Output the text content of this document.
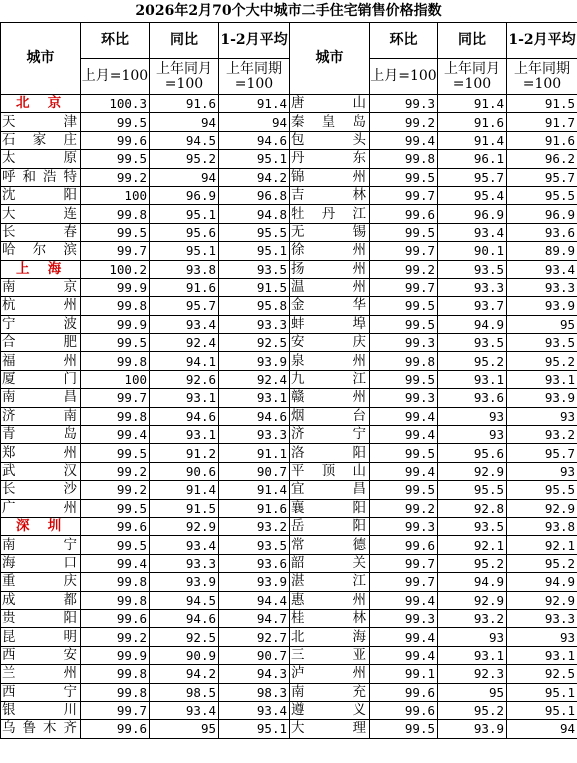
2026年2月70个大中城市二手住宅销售价格指数
城市	环比	同比	1-2月平均	城市	环比	同比	1-2月平均
	上月=100	上年同月=100	上年同期=100		上月=100	上年同月=100	上年同期=100
北 京	100.3	91.6	91.4	唐山	99.3	91.4	91.5
天津	99.5	94	94	秦皇岛	99.2	91.6	91.7
石家庄	99.6	94.5	94.6	包头	99.4	91.4	91.6
太原	99.5	95.2	95.1	丹东	99.8	96.1	96.2
呼和浩特	99.2	94	94.2	锦州	99.5	95.7	95.7
沈阳	100	96.9	96.8	吉林	99.7	95.4	95.5
大连	99.8	95.1	94.8	牡丹江	99.6	96.9	96.9
长春	99.5	95.6	95.5	无锡	99.5	93.4	93.6
哈尔滨	99.7	95.1	95.1	徐州	99.7	90.1	89.9
上 海	100.2	93.8	93.5	扬州	99.2	93.5	93.4
南京	99.9	91.6	91.5	温州	99.7	93.3	93.3
杭州	99.8	95.7	95.8	金华	99.5	93.7	93.9
宁波	99.9	93.4	93.3	蚌埠	99.5	94.9	95
合肥	99.5	92.4	92.5	安庆	99.3	93.5	93.5
福州	99.8	94.1	93.9	泉州	99.8	95.2	95.2
厦门	100	92.6	92.4	九江	99.5	93.1	93.1
南昌	99.7	93.1	93.1	赣州	99.3	93.6	93.9
济南	99.8	94.6	94.6	烟台	99.4	93	93
青岛	99.4	93.1	93.3	济宁	99.4	93	93.2
郑州	99.5	91.2	91.1	洛阳	99.5	95.6	95.7
武汉	99.2	90.6	90.7	平顶山	99.4	92.9	93
长沙	99.2	91.4	91.4	宜昌	99.5	95.5	95.5
广州	99.5	91.5	91.6	襄阳	99.2	92.8	92.9
深 圳	99.6	92.9	93.2	岳阳	99.3	93.5	93.8
南宁	99.5	93.4	93.5	常德	99.6	92.1	92.1
海口	99.4	93.3	93.6	韶关	99.7	95.2	95.2
重庆	99.8	93.9	93.9	湛江	99.7	94.9	94.9
成都	99.8	94.5	94.4	惠州	99.4	92.9	92.9
贵阳	99.6	94.6	94.7	桂林	99.3	93.2	93.3
昆明	99.2	92.5	92.7	北海	99.4	93	93
西安	99.9	90.9	90.7	三亚	99.4	93.1	93.1
兰州	99.8	94.2	94.3	泸州	99.1	92.3	92.5
西宁	99.8	98.5	98.3	南充	99.6	95	95.1
银川	99.7	93.4	93.4	遵义	99.6	95.2	95.1
乌鲁木齐	99.6	95	95.1	大理	99.5	93.9	94
